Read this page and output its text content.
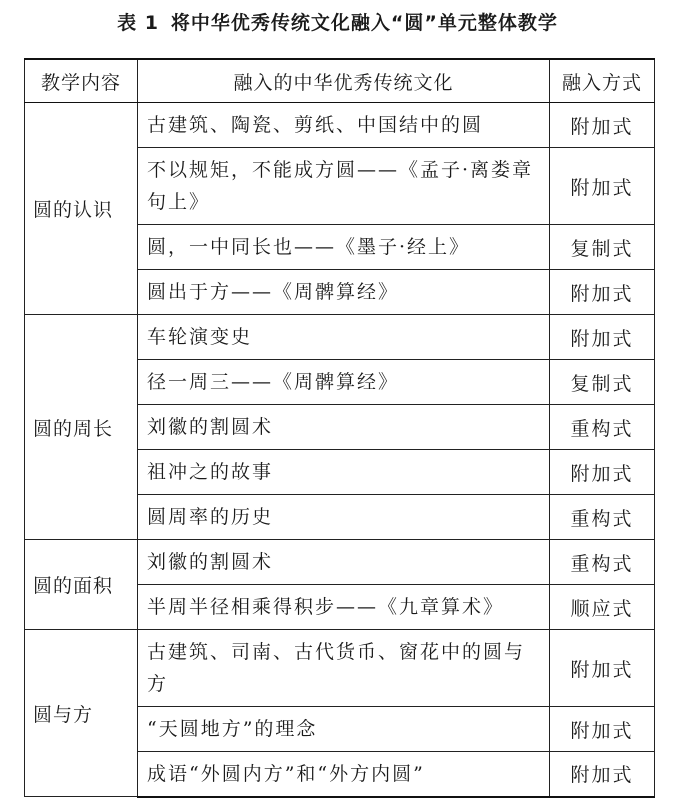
表 1 将中华优秀传统文化融入“圆”单元整体教学
教学内容	融入的中华优秀传统文化	融入方式
圆的认识	古建筑、陶瓷、剪纸、中国结中的圆	附加式
	不以规矩，不能成方圆——《孟子·离娄章句上》	附加式
	圆，一中同长也——《墨子·经上》	复制式
	圆出于方——《周髀算经》	附加式
圆的周长	车轮演变史	附加式
	径一周三——《周髀算经》	复制式
	刘徽的割圆术	重构式
	祖冲之的故事	附加式
	圆周率的历史	重构式
圆的面积	刘徽的割圆术	重构式
	半周半径相乘得积步——《九章算术》	顺应式
圆与方	古建筑、司南、古代货币、窗花中的圆与方	附加式
	“天圆地方”的理念	附加式
	成语“外圆内方”和“外方内圆”	附加式
